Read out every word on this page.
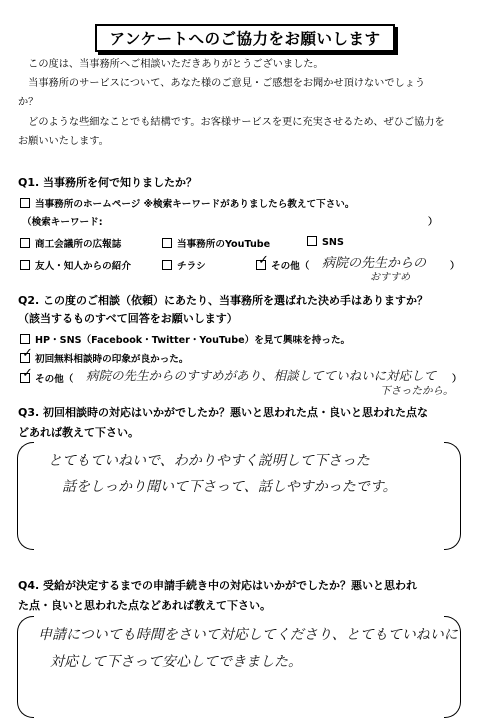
アンケートへのご協力をお願いします
　この度は、当事務所へご相談いただきありがとうございました。
　当事務所のサービスについて、あなた様のご意見・ご感想をお聞かせ頂けないでしょう
か？
　どのような些細なことでも結構です。お客様サービスを更に充実させるため、ぜひご協力を
お願いいたします。
Q1. 当事務所を何で知りましたか？
当事務所のホームページ ※検索キーワードがありましたら教えて下さい。
（検索キーワード:	）
商工会議所の広報誌	当事務所のYouTube	SNS
友人・知人からの紹介	チラシ
✓	その他（ 病院の先生からの ）
おすすめ
Q2. この度のご相談（依頼）にあたり、当事務所を選ばれた決め手はありますか？
（該当するものすべて回答をお願いします）
HP・SNS（Facebook・Twitter・YouTube）を見て興味を持った。
✓初回無料相談時の印象が良かった。
✓その他（ 病院の先生からのすすめがあり、相談してていねいに対応して ）
下さったから。
Q3. 初回相談時の対応はいかがでしたか？悪いと思われた点・良いと思われた点な
どあれば教えて下さい。
とてもていねいで、わかりやすく説明して下さった
話をしっかり聞いて下さって、話しやすかったです。
Q4. 受給が決定するまでの申請手続き中の対応はいかがでしたか？悪いと思われ
た点・良いと思われた点などあれば教えて下さい。
申請についても時間をさいて対応してくださり、とてもていねいに
対応して下さって安心してできました。
